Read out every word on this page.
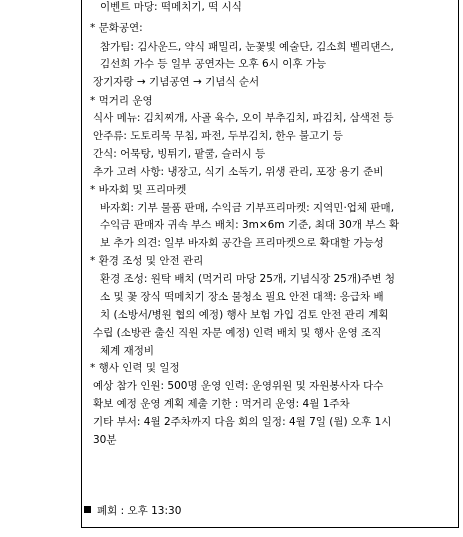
이벤트 마당: 떡메치기, 떡 시식
* 문화공연:
참가팀: 김사운드, 약식 패밀리, 눈꽃빛 예술단, 김소희 벨리댄스,
김선희 가수 등 일부 공연자는 오후 6시 이후 가능
장기자랑 → 기념공연 → 기념식 순서
* 먹거리 운영
식사 메뉴: 김치찌개, 사골 육수, 오이 부추김치, 파김치, 삼색전 등
안주류: 도토리묵 무침, 파전, 두부김치, 한우 불고기 등
간식: 어묵탕, 빙튀기, 팥쿨, 슬러시 등
추가 고려 사항: 냉장고, 식기 소독기, 위생 관리, 포장 용기 준비
* 바자회 및 프리마켓
바자회: 기부 물품 판매, 수익금 기부프리마켓: 지역민·업체 판매,
수익금 판매자 귀속 부스 배치: 3m×6m 기준, 최대 30개 부스 확
보 추가 의견: 일부 바자회 공간을 프리마켓으로 확대할 가능성
* 환경 조성 및 안전 관리
환경 조성: 원탁 배치 (먹거리 마당 25개, 기념식장 25개)주변 청
소 및 꽃 장식 떡메치기 장소 물청소 필요 안전 대책: 응급차 배
치 (소방서/병원 협의 예정) 행사 보험 가입 검토 안전 관리 계획
수립 (소방관 출신 직원 자문 예정) 인력 배치 및 행사 운영 조직
체계 재정비
* 행사 인력 및 일정
예상 참가 인원: 500명 운영 인력: 운영위원 및 자원봉사자 다수
확보 예정 운영 계획 제출 기한 : 먹거리 운영: 4월 1주차
기타 부서: 4월 2주차까지 다음 회의 일정: 4월 7일 (월) 오후 1시
30분
폐회 : 오후 13:30
